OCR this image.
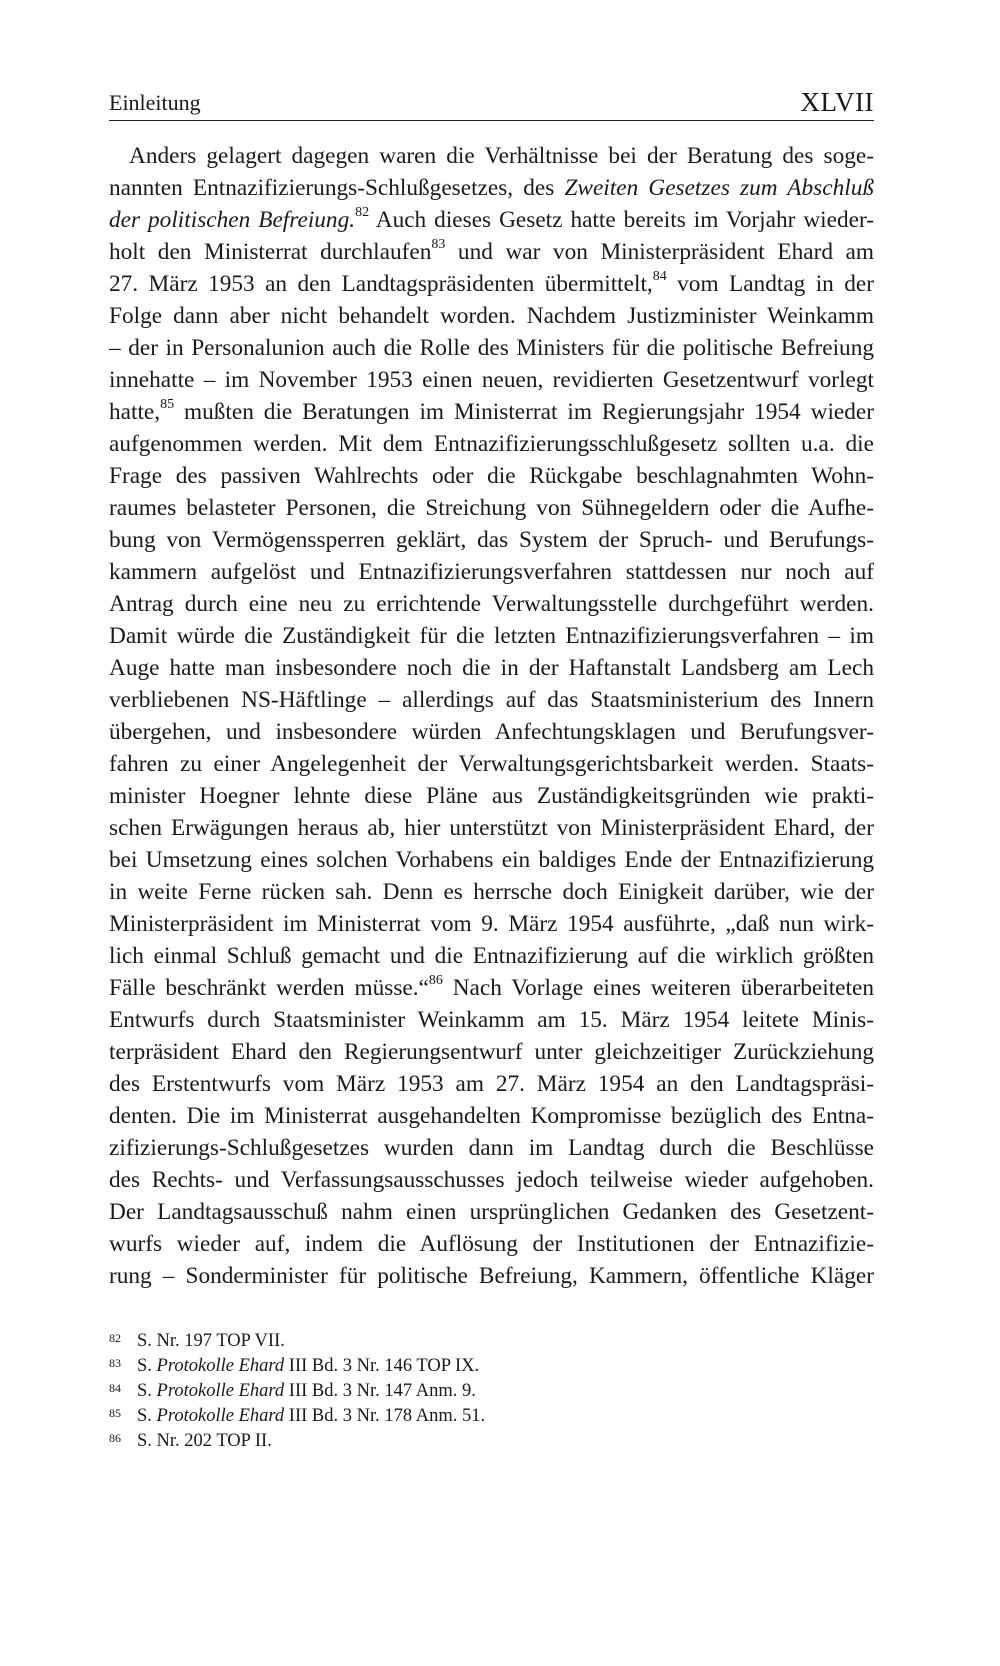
Einleitung	XLVII
Anders gelagert dagegen waren die Verhältnisse bei der Beratung des soge-
nannten Entnazifizierungs-Schlußgesetzes, des Zweiten Gesetzes zum Abschluß
der politischen Befreiung.$^{82}$ Auch dieses Gesetz hatte bereits im Vorjahr wieder-
holt den Ministerrat durchlaufen$^{83}$ und war von Ministerpräsident Ehard am
27. März 1953 an den Landtagspräsidenten übermittelt,$^{84}$ vom Landtag in der
Folge dann aber nicht behandelt worden. Nachdem Justizminister Weinkamm
– der in Personalunion auch die Rolle des Ministers für die politische Befreiung
innehatte – im November 1953 einen neuen, revidierten Gesetzentwurf vorlegt
hatte,$^{85}$ mußten die Beratungen im Ministerrat im Regierungsjahr 1954 wieder
aufgenommen werden. Mit dem Entnazifizierungsschlußgesetz sollten u.a. die
Frage des passiven Wahlrechts oder die Rückgabe beschlagnahmten Wohn-
raumes belasteter Personen, die Streichung von Sühnegeldern oder die Aufhe-
bung von Vermögenssperren geklärt, das System der Spruch- und Berufungs-
kammern aufgelöst und Entnazifizierungsverfahren stattdessen nur noch auf
Antrag durch eine neu zu errichtende Verwaltungsstelle durchgeführt werden.
Damit würde die Zuständigkeit für die letzten Entnazifizierungsverfahren – im
Auge hatte man insbesondere noch die in der Haftanstalt Landsberg am Lech
verbliebenen NS-Häftlinge – allerdings auf das Staatsministerium des Innern
übergehen, und insbesondere würden Anfechtungsklagen und Berufungsver-
fahren zu einer Angelegenheit der Verwaltungsgerichtsbarkeit werden. Staats-
minister Hoegner lehnte diese Pläne aus Zuständigkeitsgründen wie prakti-
schen Erwägungen heraus ab, hier unterstützt von Ministerpräsident Ehard, der
bei Umsetzung eines solchen Vorhabens ein baldiges Ende der Entnazifizierung
in weite Ferne rücken sah. Denn es herrsche doch Einigkeit darüber, wie der
Ministerpräsident im Ministerrat vom 9. März 1954 ausführte, „daß nun wirk-
lich einmal Schluß gemacht und die Entnazifizierung auf die wirklich größten
Fälle beschränkt werden müsse.“$^{86}$ Nach Vorlage eines weiteren überarbeiteten
Entwurfs durch Staatsminister Weinkamm am 15. März 1954 leitete Minis-
terpräsident Ehard den Regierungsentwurf unter gleichzeitiger Zurückziehung
des Erstentwurfs vom März 1953 am 27. März 1954 an den Landtagspräsi-
denten. Die im Ministerrat ausgehandelten Kompromisse bezüglich des Entna-
zifizierungs-Schlußgesetzes wurden dann im Landtag durch die Beschlüsse
des Rechts- und Verfassungsausschusses jedoch teilweise wieder aufgehoben.
Der Landtagsausschuß nahm einen ursprünglichen Gedanken des Gesetzent-
wurfs wieder auf, indem die Auflösung der Institutionen der Entnazifizie-
rung – Sonderminister für politische Befreiung, Kammern, öffentliche Kläger
82 S. Nr. 197 TOP VII.
83 S. Protokolle Ehard III Bd. 3 Nr. 146 TOP IX.
84 S. Protokolle Ehard III Bd. 3 Nr. 147 Anm. 9.
85 S. Protokolle Ehard III Bd. 3 Nr. 178 Anm. 51.
86 S. Nr. 202 TOP II.
